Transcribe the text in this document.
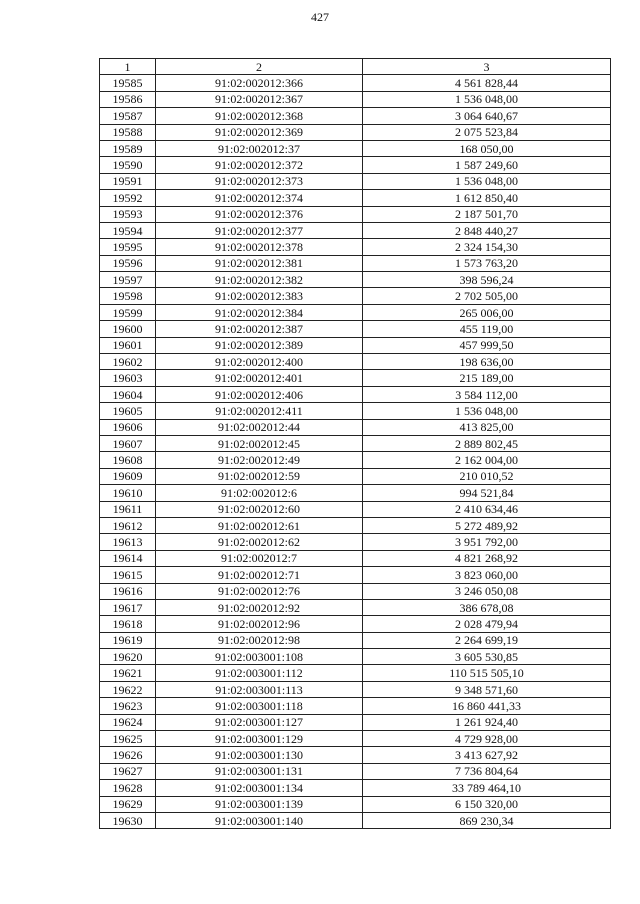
427
1	2	3
19585	91:02:002012:366	4 561 828,44
19586	91:02:002012:367	1 536 048,00
19587	91:02:002012:368	3 064 640,67
19588	91:02:002012:369	2 075 523,84
19589	91:02:002012:37	168 050,00
19590	91:02:002012:372	1 587 249,60
19591	91:02:002012:373	1 536 048,00
19592	91:02:002012:374	1 612 850,40
19593	91:02:002012:376	2 187 501,70
19594	91:02:002012:377	2 848 440,27
19595	91:02:002012:378	2 324 154,30
19596	91:02:002012:381	1 573 763,20
19597	91:02:002012:382	398 596,24
19598	91:02:002012:383	2 702 505,00
19599	91:02:002012:384	265 006,00
19600	91:02:002012:387	455 119,00
19601	91:02:002012:389	457 999,50
19602	91:02:002012:400	198 636,00
19603	91:02:002012:401	215 189,00
19604	91:02:002012:406	3 584 112,00
19605	91:02:002012:411	1 536 048,00
19606	91:02:002012:44	413 825,00
19607	91:02:002012:45	2 889 802,45
19608	91:02:002012:49	2 162 004,00
19609	91:02:002012:59	210 010,52
19610	91:02:002012:6	994 521,84
19611	91:02:002012:60	2 410 634,46
19612	91:02:002012:61	5 272 489,92
19613	91:02:002012:62	3 951 792,00
19614	91:02:002012:7	4 821 268,92
19615	91:02:002012:71	3 823 060,00
19616	91:02:002012:76	3 246 050,08
19617	91:02:002012:92	386 678,08
19618	91:02:002012:96	2 028 479,94
19619	91:02:002012:98	2 264 699,19
19620	91:02:003001:108	3 605 530,85
19621	91:02:003001:112	110 515 505,10
19622	91:02:003001:113	9 348 571,60
19623	91:02:003001:118	16 860 441,33
19624	91:02:003001:127	1 261 924,40
19625	91:02:003001:129	4 729 928,00
19626	91:02:003001:130	3 413 627,92
19627	91:02:003001:131	7 736 804,64
19628	91:02:003001:134	33 789 464,10
19629	91:02:003001:139	6 150 320,00
19630	91:02:003001:140	869 230,34
